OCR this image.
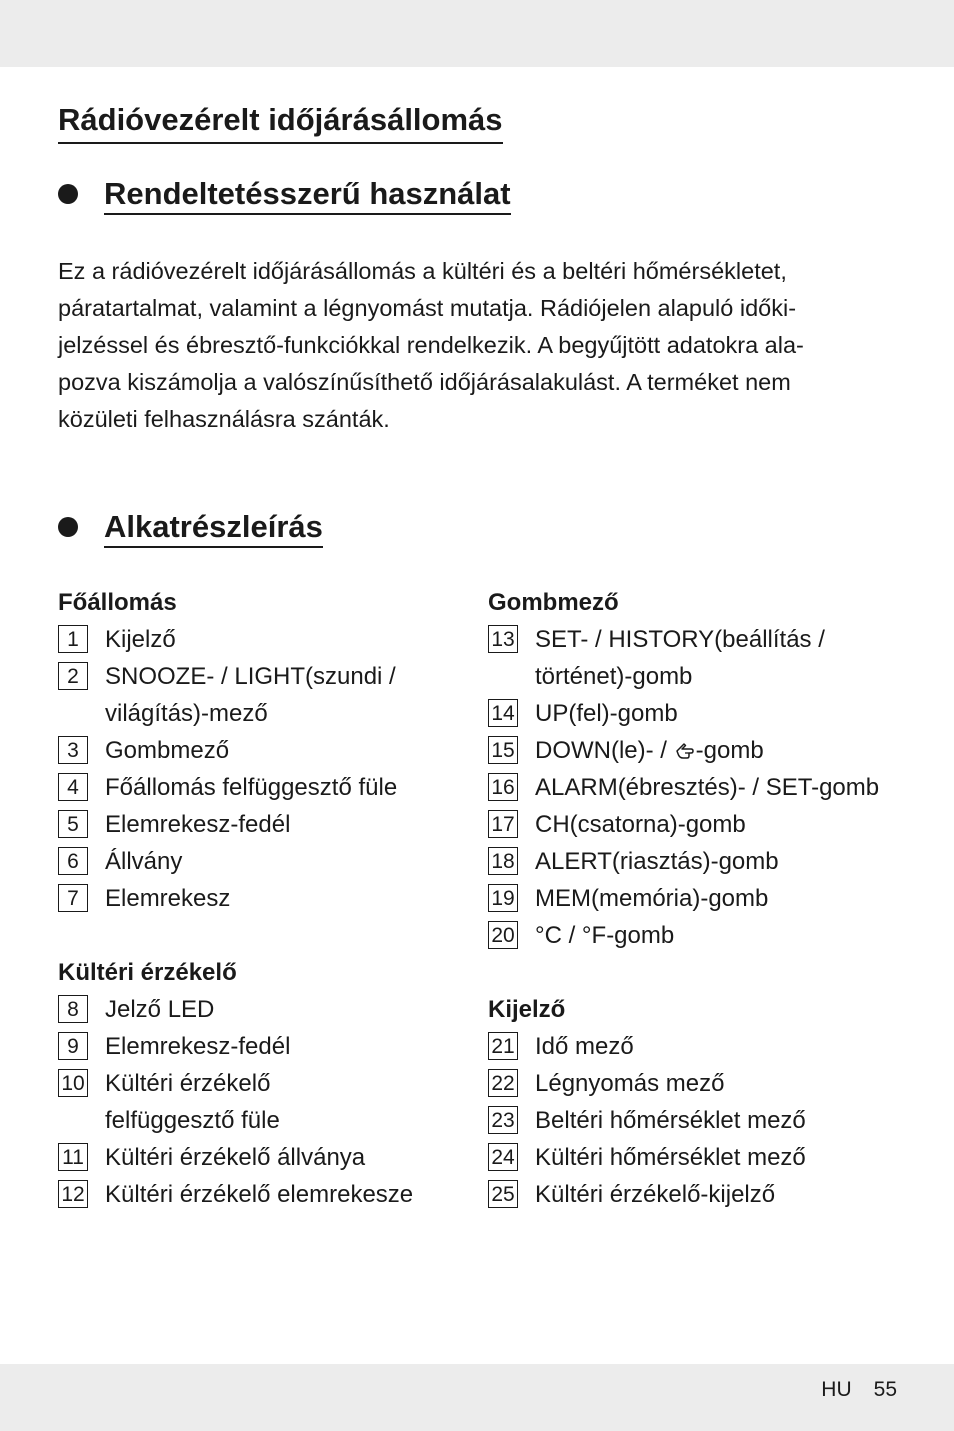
Rádióvezérelt időjárásállomás
Rendeltetésszerű használat

Ez a rádióvezérelt időjárásállomás a kültéri és a beltéri hőmérsékletet,
páratartalmat, valamint a légnyomást mutatja. Rádiójelen alapuló időki-
jelzéssel és ébresztő-funkciókkal rendelkezik. A begyűjtött adatokra ala-
pozva kiszámolja a valószínűsíthető időjárásalakulást. A terméket nem
közületi felhasználásra szánták.

Alkatrészleírás
Főállomás
1	Kijelző
2	SNOOZE- / LIGHT(szundi /
világítás)-mező
3	Gombmező
4	Főállomás felfüggesztő füle
5	Elemrekesz-fedél
6	Állvány
7	Elemrekesz
Kültéri érzékelő
8	Jelző LED
9	Elemrekesz-fedél
10 Kültéri érzékelő
felfüggesztő füle
11 Kültéri érzékelő állványa
12 Kültéri érzékelő elemrekesze
Gombmező
13 SET- / HISTORY(beállítás /
történet)-gomb
14 UP(fel)-gomb
15 DOWN(le)- / -gomb
16 ALARM(ébresztés)- / SET-gomb
17 CH(csatorna)-gomb
18 ALERT(riasztás)-gomb
19 MEM(memória)-gomb
20 °C / °F-gomb
Kijelző
21 Idő mező
22 Légnyomás mező
23 Beltéri hőmérséklet mező
24 Kültéri hőmérséklet mező
25 Kültéri érzékelő-kijelző
HU 55
